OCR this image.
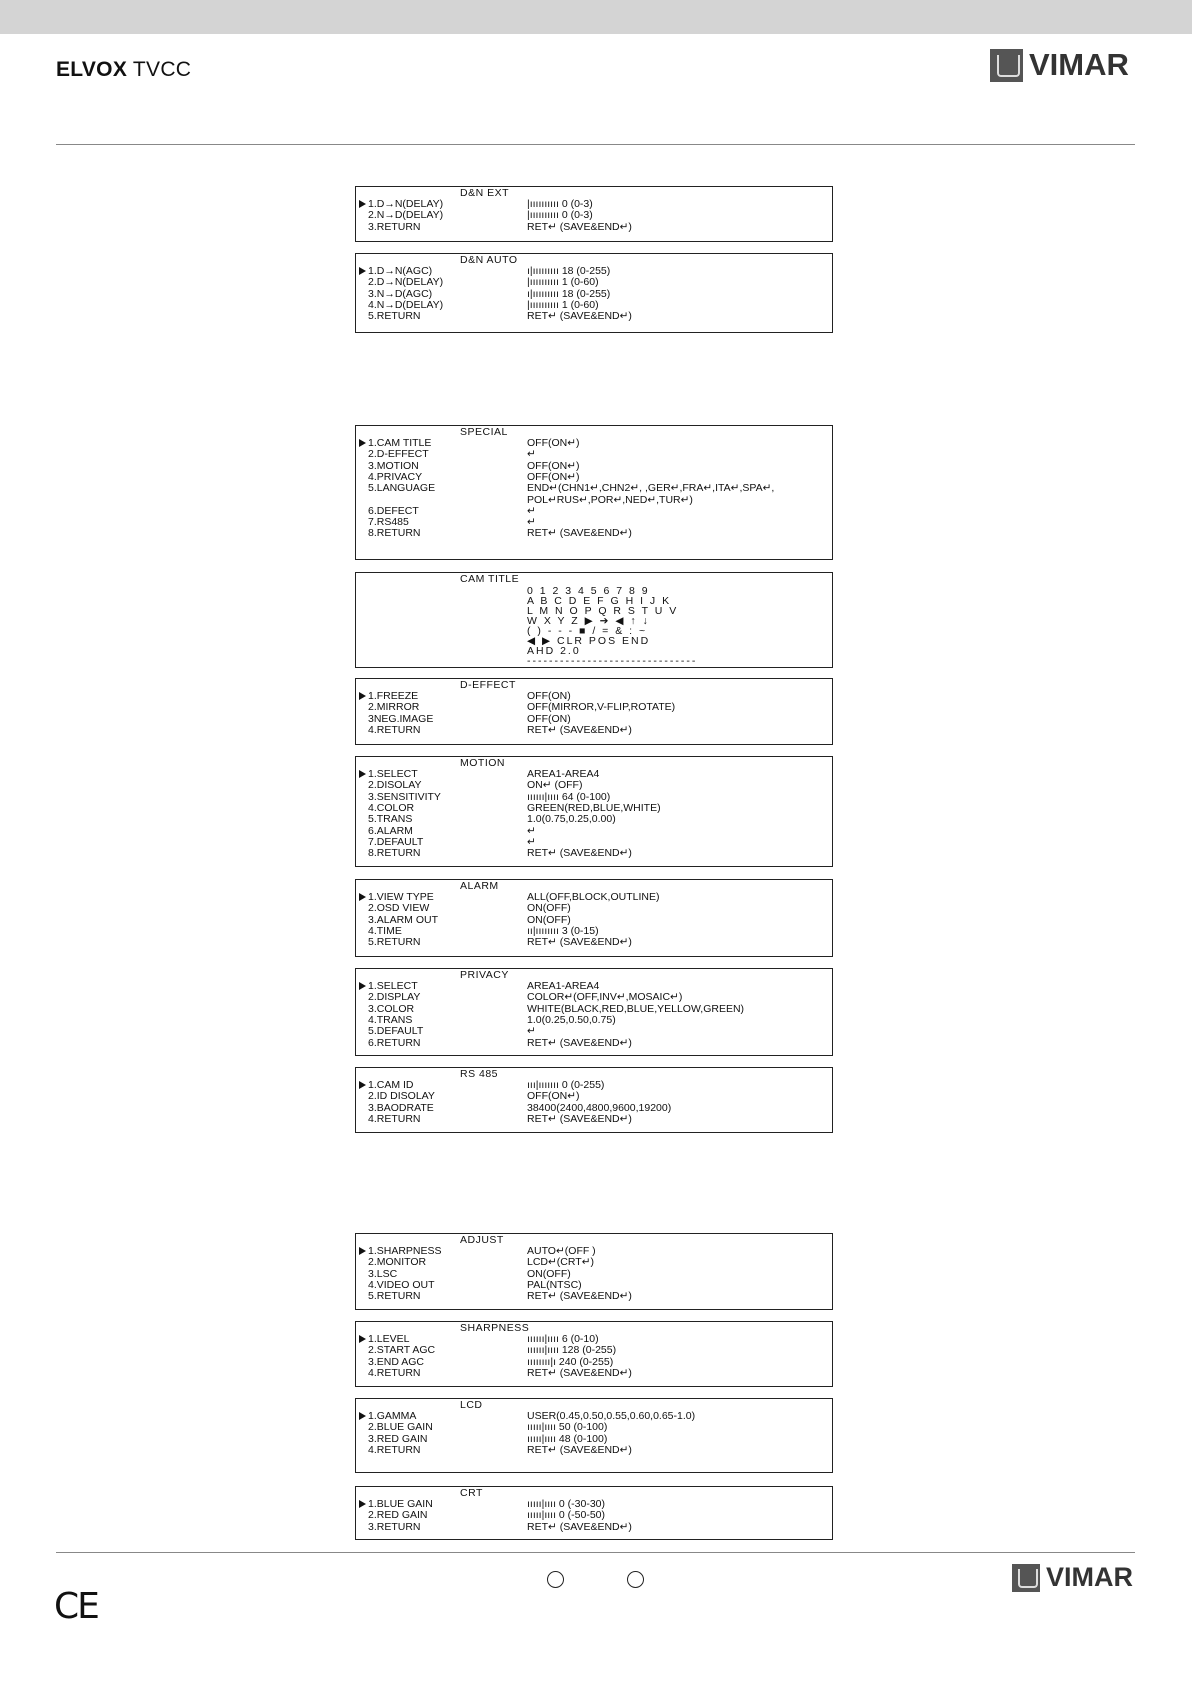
ELVOX TVCC	VIMAR
D&N EXT
1.D→N(DELAY)	|ıııııııııı 0 (0-3)
2.N→D(DELAY)	|ıııııııııı 0 (0-3)
3.RETURN	RET↵ (SAVE&END↵)
D&N AUTO
1.D→N(AGC)	ı|ııııııııı 18 (0-255)
2.D→N(DELAY)	|ıııııııııı 1 (0-60)
3.N→D(AGC)	ı|ııııııııı 18 (0-255)
4.N→D(DELAY)	|ıııııııııı 1 (0-60)
5.RETURN	RET↵ (SAVE&END↵)
SPECIAL
1.CAM TITLE	OFF(ON↵)
2.D-EFFECT	↵
3.MOTION	OFF(ON↵)
4.PRIVACY	OFF(ON↵)
5.LANGUAGE	END↵(CHN1↵,CHN2↵, ,GER↵,FRA↵,ITA↵,SPA↵,
POL↵RUS↵,POR↵,NED↵,TUR↵)
6.DEFECT	↵
7.RS485	↵
8.RETURN	RET↵ (SAVE&END↵)
D-EFFECT
1.FREEZE	OFF(ON)
2.MIRROR	OFF(MIRROR,V-FLIP,ROTATE)
3NEG.IMAGE	OFF(ON)
4.RETURN	RET↵ (SAVE&END↵)
MOTION
1.SELECT	AREA1-AREA4
2.DISOLAY	ON↵ (OFF)
3.SENSITIVITY	ıııııı|ıııı 64 (0-100)
4.COLOR	GREEN(RED,BLUE,WHITE)
5.TRANS	1.0(0.75,0.25,0.00)
6.ALARM	↵
7.DEFAULT	↵
8.RETURN	RET↵ (SAVE&END↵)
ALARM
1.VIEW TYPE	ALL(OFF,BLOCK,OUTLINE)
2.OSD VIEW	ON(OFF)
3.ALARM OUT	ON(OFF)
4.TIME	ıı|ıııııııı 3 (0-15)
5.RETURN	RET↵ (SAVE&END↵)
PRIVACY
1.SELECT	AREA1-AREA4
2.DISPLAY	COLOR↵(OFF,INV↵,MOSAIC↵)
3.COLOR	WHITE(BLACK,RED,BLUE,YELLOW,GREEN)
4.TRANS	1.0(0.25,0.50,0.75)
5.DEFAULT	↵
6.RETURN	RET↵ (SAVE&END↵)
RS 485
1.CAM ID	ııı|ııııııı 0 (0-255)
2.ID DISOLAY	OFF(ON↵)
3.BAODRATE	38400(2400,4800,9600,19200)
4.RETURN	RET↵ (SAVE&END↵)
ADJUST
1.SHARPNESS	AUTO↵(OFF )
2.MONITOR	LCD↵(CRT↵)
3.LSC	ON(OFF)
4.VIDEO OUT	PAL(NTSC)
5.RETURN	RET↵ (SAVE&END↵)
SHARPNESS
1.LEVEL	ıııııı|ıııı 6 (0-10)
2.START AGC	ıııııı|ıııı 128 (0-255)
3.END AGC	ıııııııı|ı 240 (0-255)
4.RETURN	RET↵ (SAVE&END↵)
LCD
1.GAMMA	USER(0.45,0.50,0.55,0.60,0.65-1.0)
2.BLUE GAIN	ııııı|ıııı 50 (0-100)
3.RED GAIN	ııııı|ıııı 48 (0-100)
4.RETURN	RET↵ (SAVE&END↵)
CRT
1.BLUE GAIN	ııııı|ıııı 0 (-30-30)
2.RED GAIN	ııııı|ıııı 0 (-50-50)
3.RETURN	RET↵ (SAVE&END↵)
CAM TITLE
0 1 2 3 4 5 6 7 8 9
A B C D E F G H I J K
L M N O P Q R S T U V
W X Y Z ▶ ➔ ◀ ↑ ↓
( ) - - - ■ / = & : ~
◀ ▶ CLR POS END
AHD 2.0
-------------------------------
CE
VIMAR
